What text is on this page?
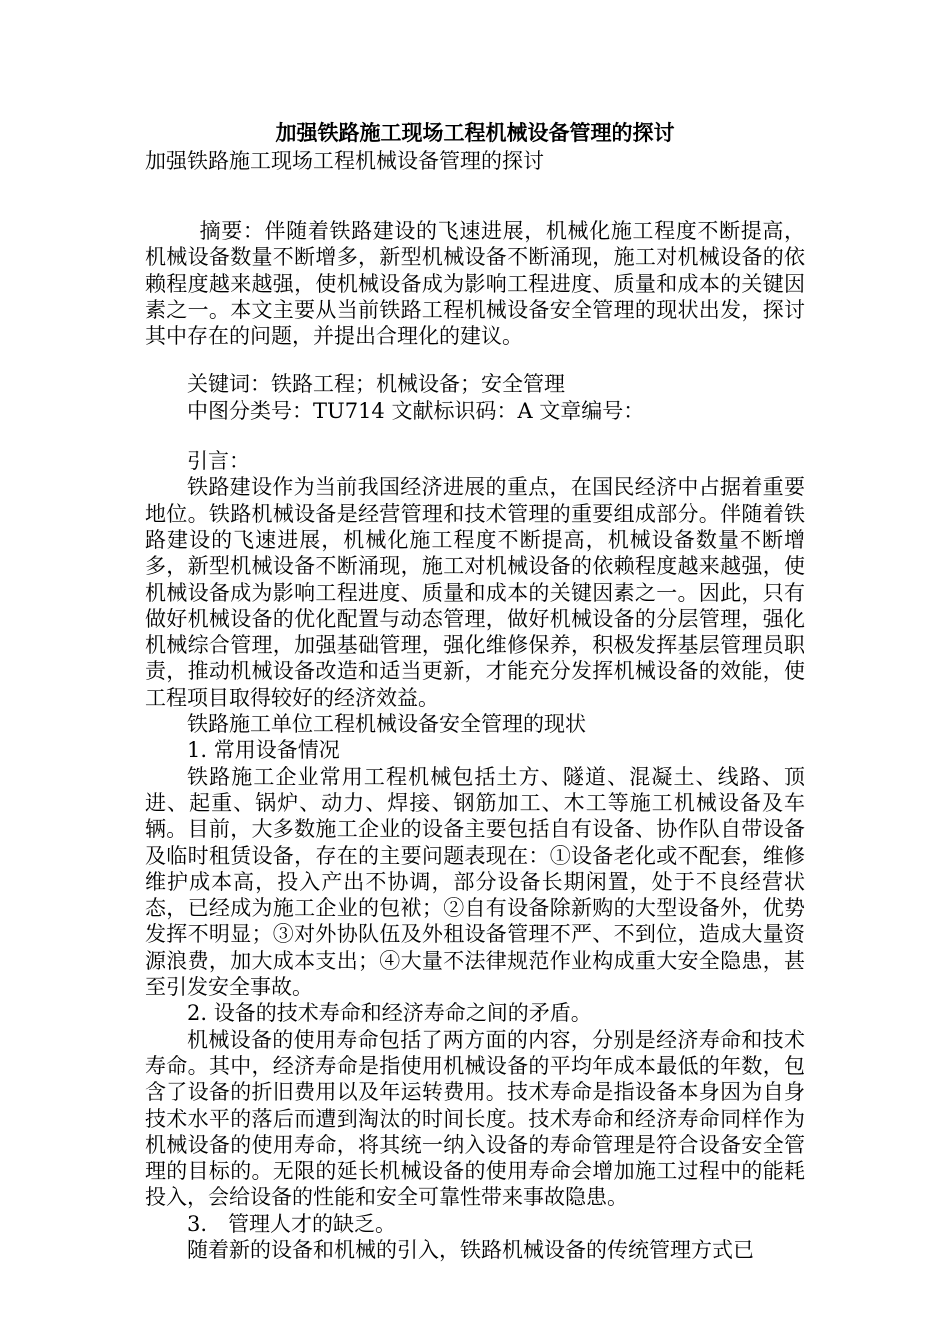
加强铁路施工现场工程机械设备管理的探讨

加强铁路施工现场工程机械设备管理的探讨

摘要：伴随着铁路建设的飞速进展，机械化施工程度不断提高，机械设备数量不断增多，新型机械设备不断涌现，施工对机械设备的依赖程度越来越强，使机械设备成为影响工程进度、质量和成本的关键因素之一。本文主要从当前铁路工程机械设备安全管理的现状出发，探讨其中存在的问题，并提出合理化的建议。

关键词：铁路工程；机械设备；安全管理

中图分类号：TU714 文献标识码：A 文章编号：

引言：

铁路建设作为当前我国经济进展的重点，在国民经济中占据着重要地位。铁路机械设备是经营管理和技术管理的重要组成部分。伴随着铁路建设的飞速进展，机械化施工程度不断提高，机械设备数量不断增多，新型机械设备不断涌现，施工对机械设备的依赖程度越来越强，使机械设备成为影响工程进度、质量和成本的关键因素之一。因此，只有做好机械设备的优化配置与动态管理，做好机械设备的分层管理，强化机械综合管理，加强基础管理，强化维修保养，积极发挥基层管理员职责，推动机械设备改造和适当更新，才能充分发挥机械设备的效能，使工程项目取得较好的经济效益。

铁路施工单位工程机械设备安全管理的现状

1. 常用设备情况

铁路施工企业常用工程机械包括土方、隧道、混凝土、线路、顶进、起重、锅炉、动力、焊接、钢筋加工、木工等施工机械设备及车辆。目前，大多数施工企业的设备主要包括自有设备、协作队自带设备及临时租赁设备，存在的主要问题表现在：①设备老化或不配套，维修维护成本高，投入产出不协调，部分设备长期闲置，处于不良经营状态，已经成为施工企业的包袱；②自有设备除新购的大型设备外，优势发挥不明显；③对外协队伍及外租设备管理不严、不到位，造成大量资源浪费，加大成本支出；④大量不法律规范作业构成重大安全隐患，甚至引发安全事故。

2. 设备的技术寿命和经济寿命之间的矛盾。

机械设备的使用寿命包括了两方面的内容，分别是经济寿命和技术寿命。其中，经济寿命是指使用机械设备的平均年成本最低的年数，包含了设备的折旧费用以及年运转费用。技术寿命是指设备本身因为自身技术水平的落后而遭到淘汰的时间长度。技术寿命和经济寿命同样作为机械设备的使用寿命，将其统一纳入设备的寿命管理是符合设备安全管理的目标的。无限的延长机械设备的使用寿命会增加施工过程中的能耗投入，会给设备的性能和安全可靠性带来事故隐患。

3.　管理人才的缺乏。

随着新的设备和机械的引入，铁路机械设备的传统管理方式已
